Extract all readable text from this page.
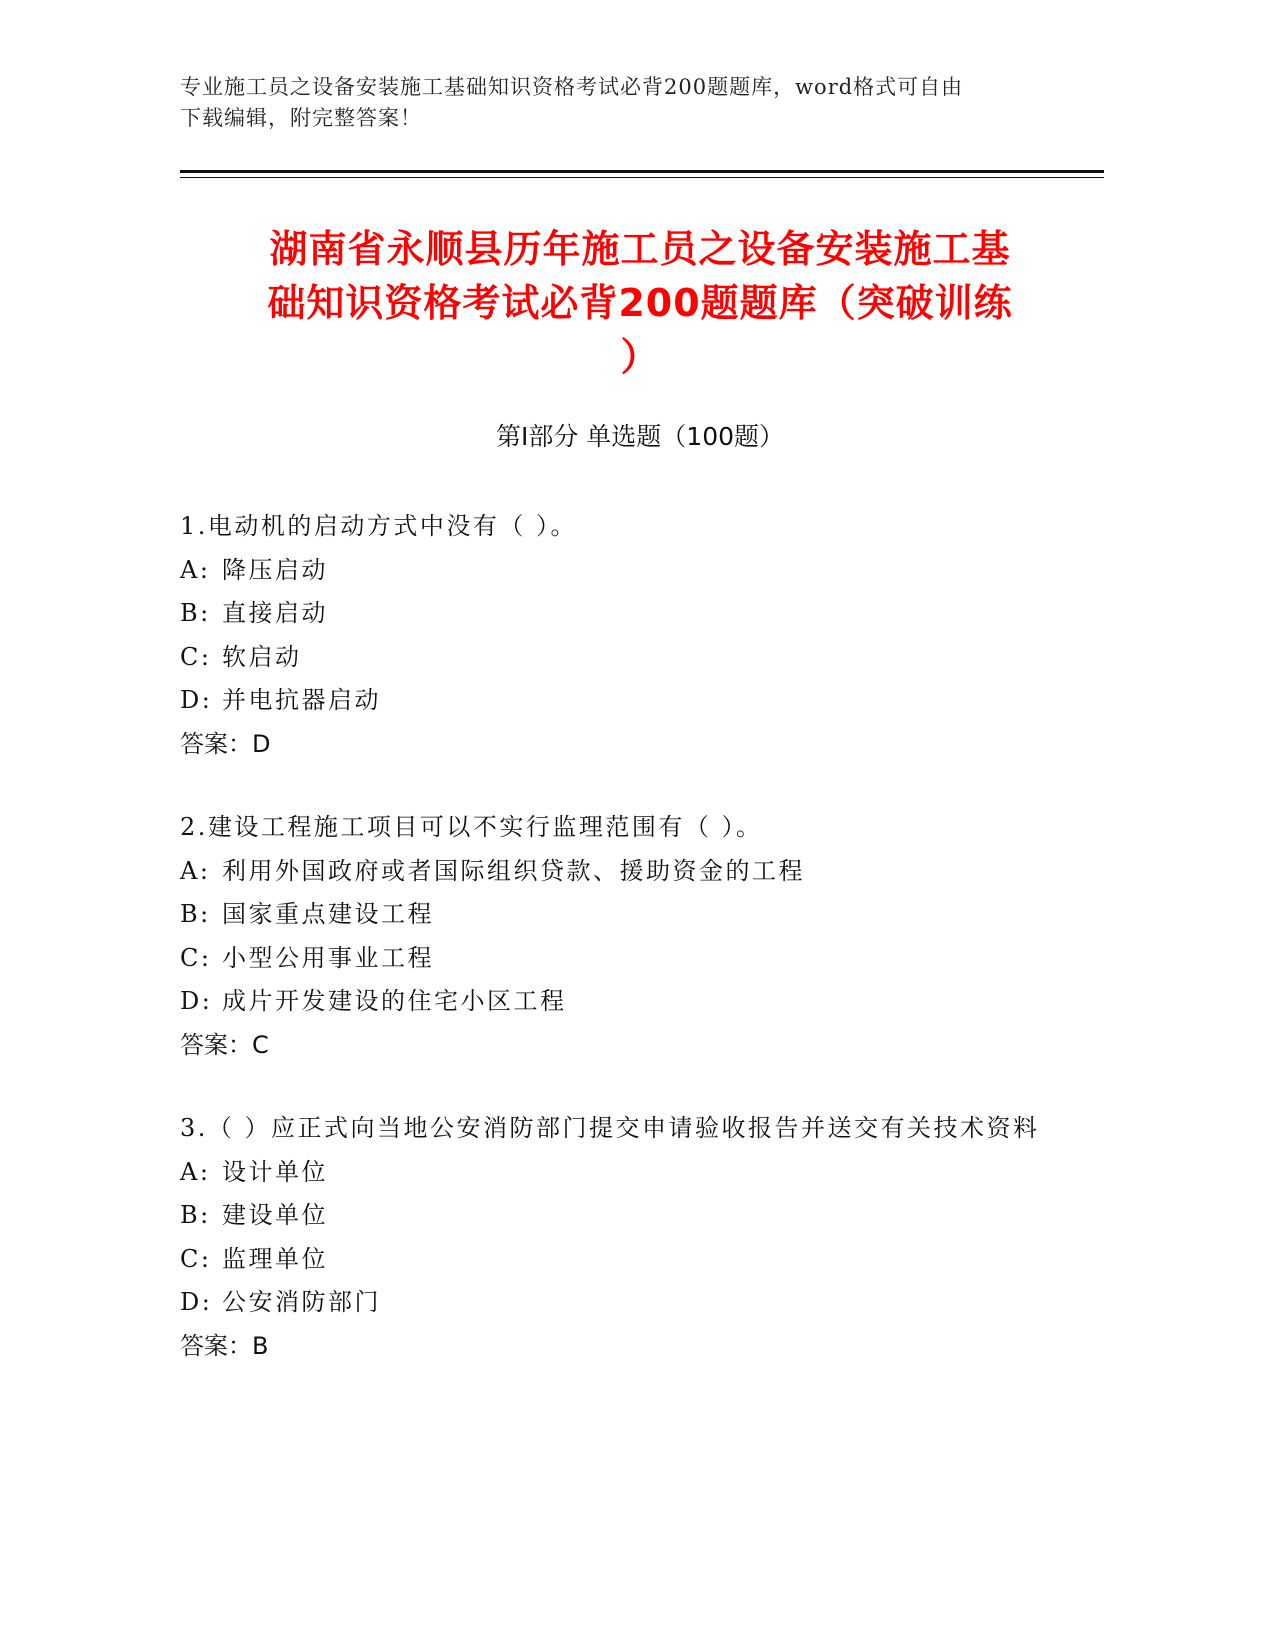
专业施工员之设备安装施工基础知识资格考试必背200题题库，word格式可自由
下载编辑，附完整答案！
湖南省永顺县历年施工员之设备安装施工基
础知识资格考试必背200题题库（突破训练
）
第Ⅰ部分 单选题（100题）
1.电动机的启动方式中没有（ ）。
A: 降压启动
B: 直接启动
C: 软启动
D: 并电抗器启动
答案：D
2.建设工程施工项目可以不实行监理范围有（ ）。
A: 利用外国政府或者国际组织贷款、援助资金的工程
B: 国家重点建设工程
C: 小型公用事业工程
D: 成片开发建设的住宅小区工程
答案：C
3.（ ）应正式向当地公安消防部门提交申请验收报告并送交有关技术资料
A: 设计单位
B: 建设单位
C: 监理单位
D: 公安消防部门
答案：B
